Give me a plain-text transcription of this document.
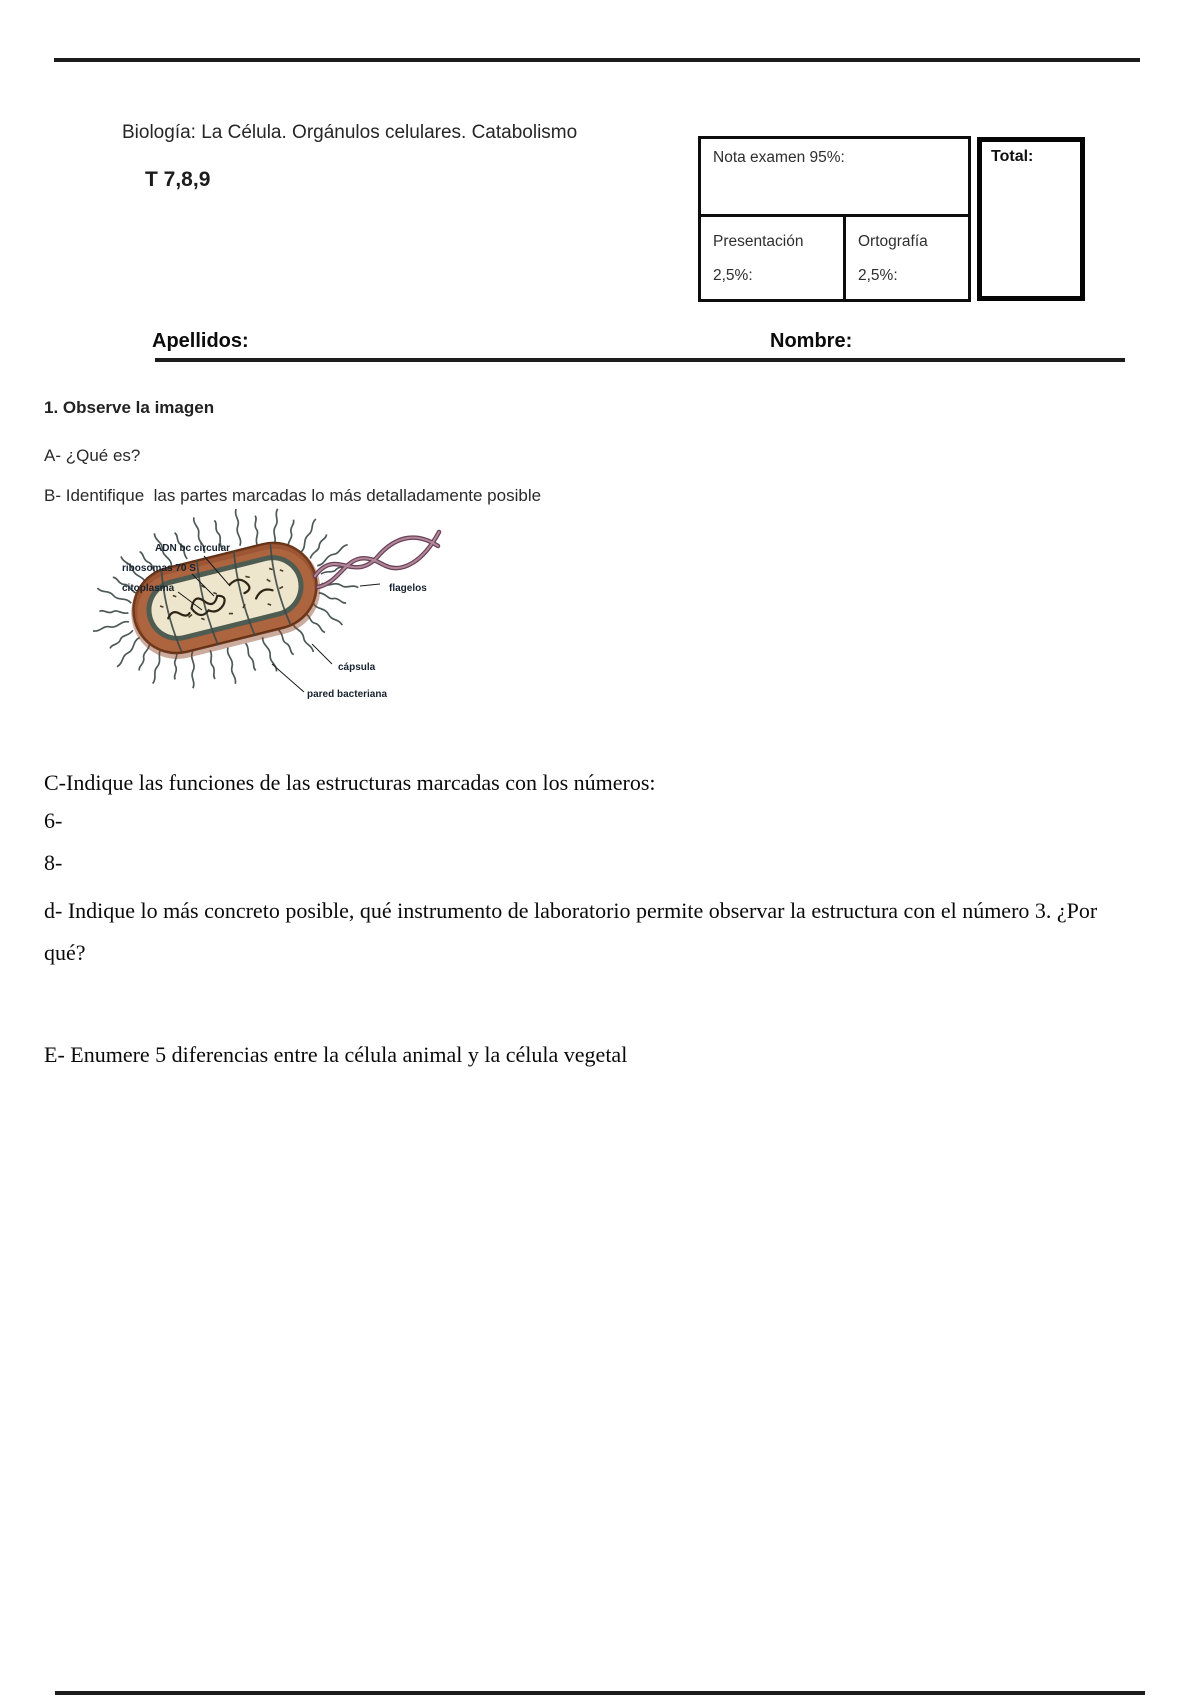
Biología: La Célula. Orgánulos celulares. Catabolismo
T 7,8,9
Nota examen 95%:
Presentación
2,5%:
Ortografía
2,5%:
Total:
Apellidos:	Nombre:
1. Observe la imagen
A- ¿Qué es?
B- Identifique  las partes marcadas lo más detalladamente posible
ADN bc circular
ribosomas 70 S
citoplasma	flagelos
cápsula
pared bacteriana
C-Indique las funciones de las estructuras marcadas con los números:
6-
8-
d- Indique lo más concreto posible, qué instrumento de laboratorio permite observar la estructura con el número 3. ¿Por
qué?
E- Enumere 5 diferencias entre la célula animal y la célula vegetal
